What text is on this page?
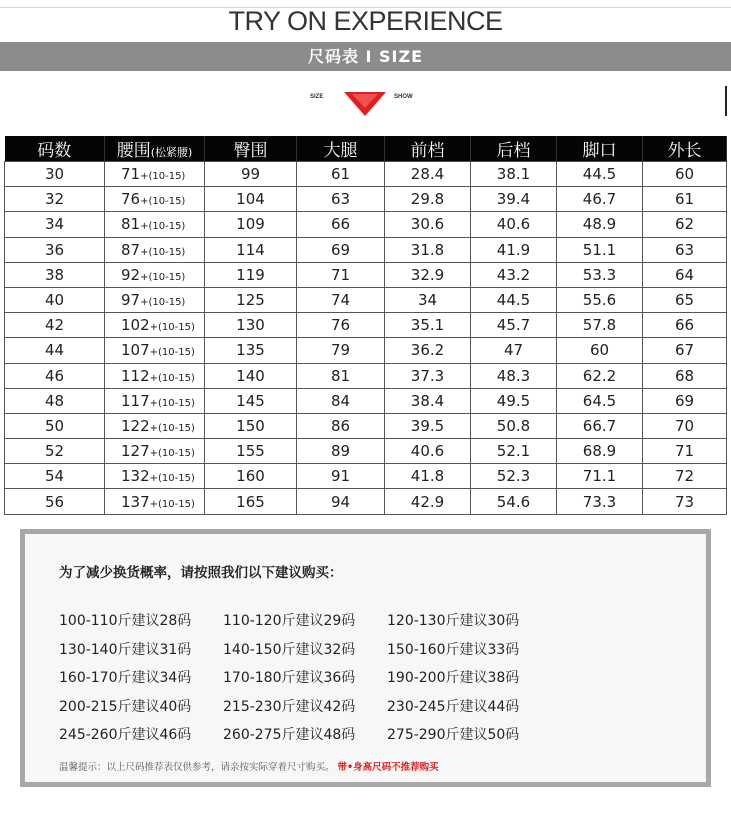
TRY ON EXPERIENCE
尺码表 I SIZE
SIZE	SHOW
码数	腰围(松紧腰)	臀围	大腿	前档	后档	脚口	外长
30	71+(10-15)	99	61	28.4	38.1	44.5	60
32	76+(10-15)	104	63	29.8	39.4	46.7	61
34	81+(10-15)	109	66	30.6	40.6	48.9	62
36	87+(10-15)	114	69	31.8	41.9	51.1	63
38	92+(10-15)	119	71	32.9	43.2	53.3	64
40	97+(10-15)	125	74	34	44.5	55.6	65
42	102+(10-15)	130	76	35.1	45.7	57.8	66
44	107+(10-15)	135	79	36.2	47	60	67
46	112+(10-15)	140	81	37.3	48.3	62.2	68
48	117+(10-15)	145	84	38.4	49.5	64.5	69
50	122+(10-15)	150	86	39.5	50.8	66.7	70
52	127+(10-15)	155	89	40.6	52.1	68.9	71
54	132+(10-15)	160	91	41.8	52.3	71.1	72
56	137+(10-15)	165	94	42.9	54.6	73.3	73
为了减少换货概率，请按照我们以下建议购买：
100-110斤建议28码	110-120斤建议29码	120-130斤建议30码
130-140斤建议31码	140-150斤建议32码	150-160斤建议33码
160-170斤建议34码	170-180斤建议36码	190-200斤建议38码
200-215斤建议40码	215-230斤建议42码	230-245斤建议44码
245-260斤建议46码	260-275斤建议48码	275-290斤建议50码
温馨提示：以上尺码推荐表仅供参考，请亲按实际穿着尺寸购买。 带•身高尺码不推荐购买
